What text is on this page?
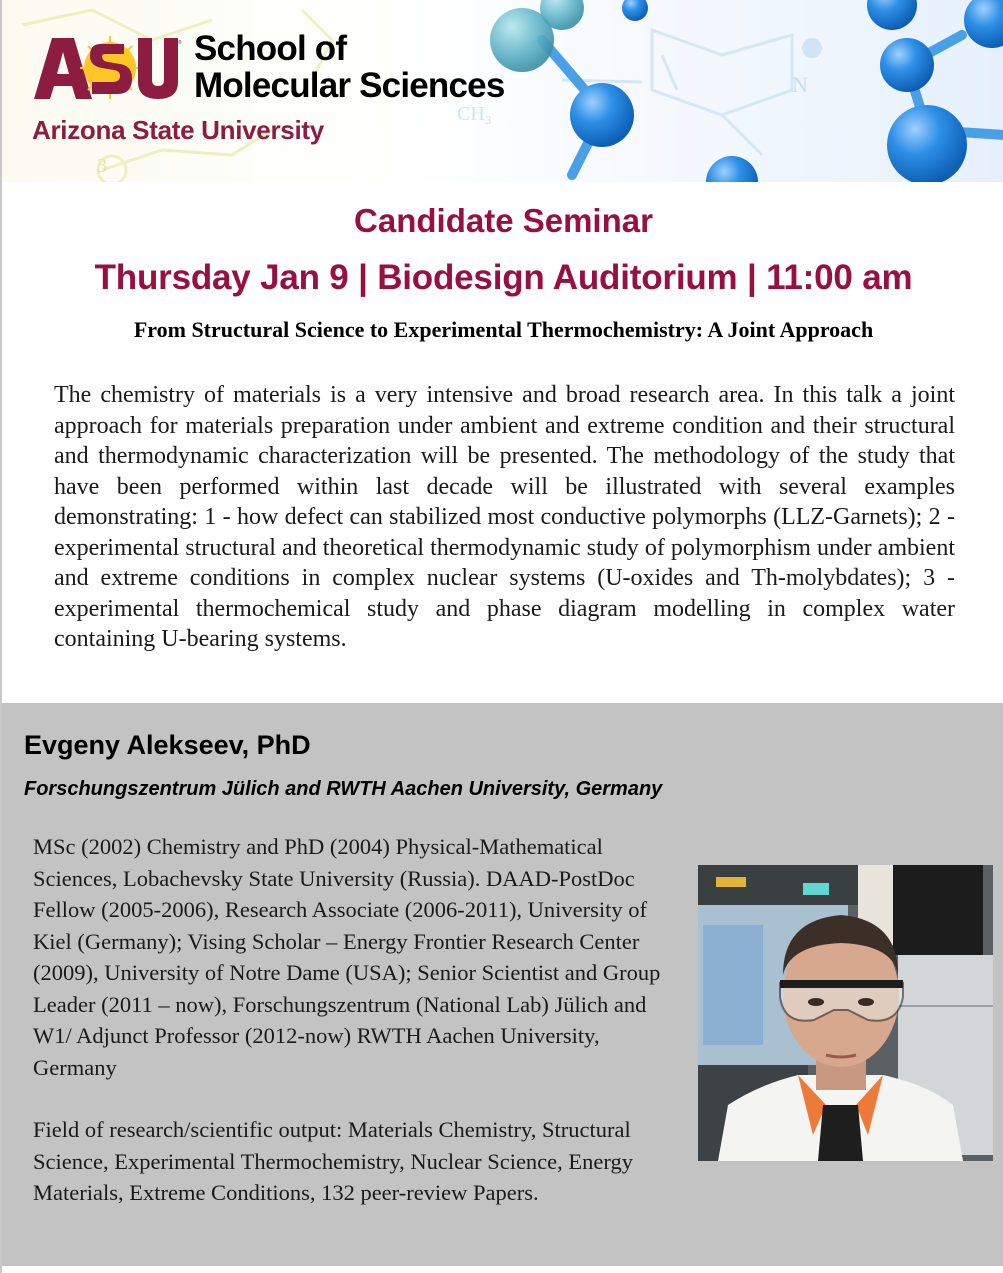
3
N
CH₃
® School of
Molecular Sciences
Arizona State University
Candidate Seminar
Thursday Jan 9 | Biodesign Auditorium | 11:00 am
From Structural Science to Experimental Thermochemistry: A Joint Approach
The chemistry of materials is a very intensive and broad research area. In this talk a joint approach for materials preparation under ambient and extreme condition and their structural and thermodynamic characterization will be presented. The methodology of the study that have been performed within last decade will be illustrated with several examples demonstrating: 1 - how defect can stabilized most conductive polymorphs (LLZ-Garnets); 2 - experimental structural and theoretical thermodynamic study of polymorphism under ambient and extreme conditions in complex nuclear systems (U-oxides and Th-molybdates); 3 - experimental thermochemical study and phase diagram modelling in complex water containing U-bearing systems.
Evgeny Alekseev, PhD
Forschungszentrum Jülich and RWTH Aachen University, Germany

MSc (2002) Chemistry and PhD (2004) Physical-Mathematical Sciences, Lobachevsky State University (Russia). DAAD-PostDoc Fellow (2005-2006), Research Associate (2006-2011), University of Kiel (Germany); Vising Scholar – Energy Frontier Research Center (2009), University of Notre Dame (USA); Senior Scientist and Group Leader (2011 – now), Forschungszentrum (National Lab) Jülich and W1/ Adjunct Professor (2012-now) RWTH Aachen University, Germany

Field of research/scientific output: Materials Chemistry, Structural Science, Experimental Thermochemistry, Nuclear Science, Energy Materials, Extreme Conditions, 132 peer-review Papers.
